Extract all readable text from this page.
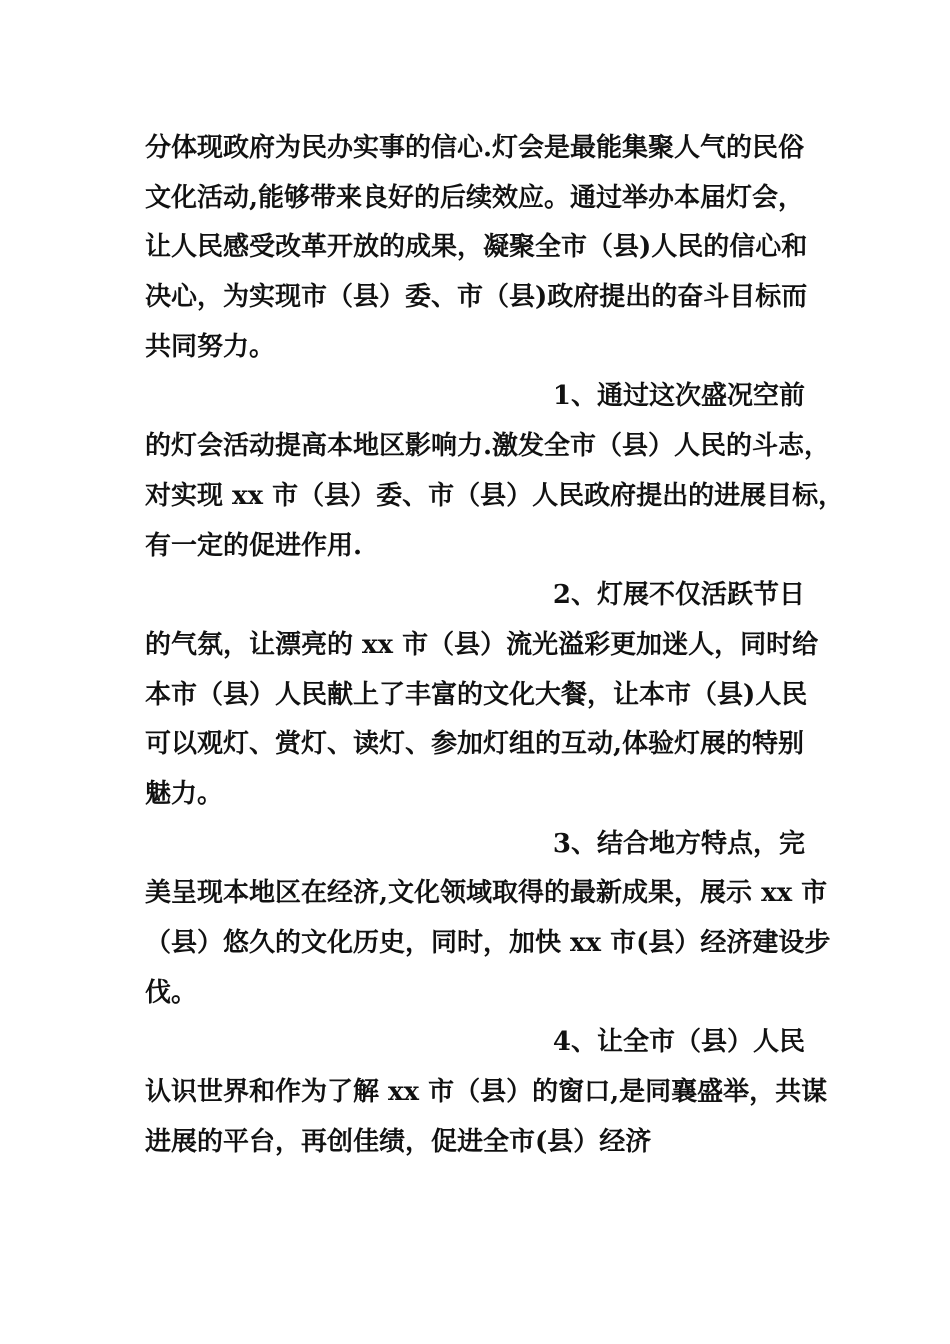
分体现政府为民办实事的信心.灯会是最能集聚人气的民俗
文化活动,能够带来良好的后续效应。通过举办本届灯会，
让人民感受改革开放的成果，凝聚全市（县)人民的信心和
决心，为实现市（县）委、市（县)政府提出的奋斗目标而
共同努力。
1、通过这次盛况空前
的灯会活动提高本地区影响力.激发全市（县）人民的斗志，
对实现 xx 市（县）委、市（县）人民政府提出的进展目标，
有一定的促进作用.
2、灯展不仅活跃节日
的气氛，让漂亮的 xx 市（县）流光溢彩更加迷人，同时给
本市（县）人民献上了丰富的文化大餐，让本市（县)人民
可以观灯、赏灯、读灯、参加灯组的互动,体验灯展的特别
魅力。
3、结合地方特点，完
美呈现本地区在经济,文化领域取得的最新成果，展示 xx 市
（县）悠久的文化历史，同时，加快 xx 市(县）经济建设步
伐。
4、让全市（县）人民
认识世界和作为了解 xx 市（县）的窗口,是同襄盛举，共谋
进展的平台，再创佳绩，促进全市(县）经济
